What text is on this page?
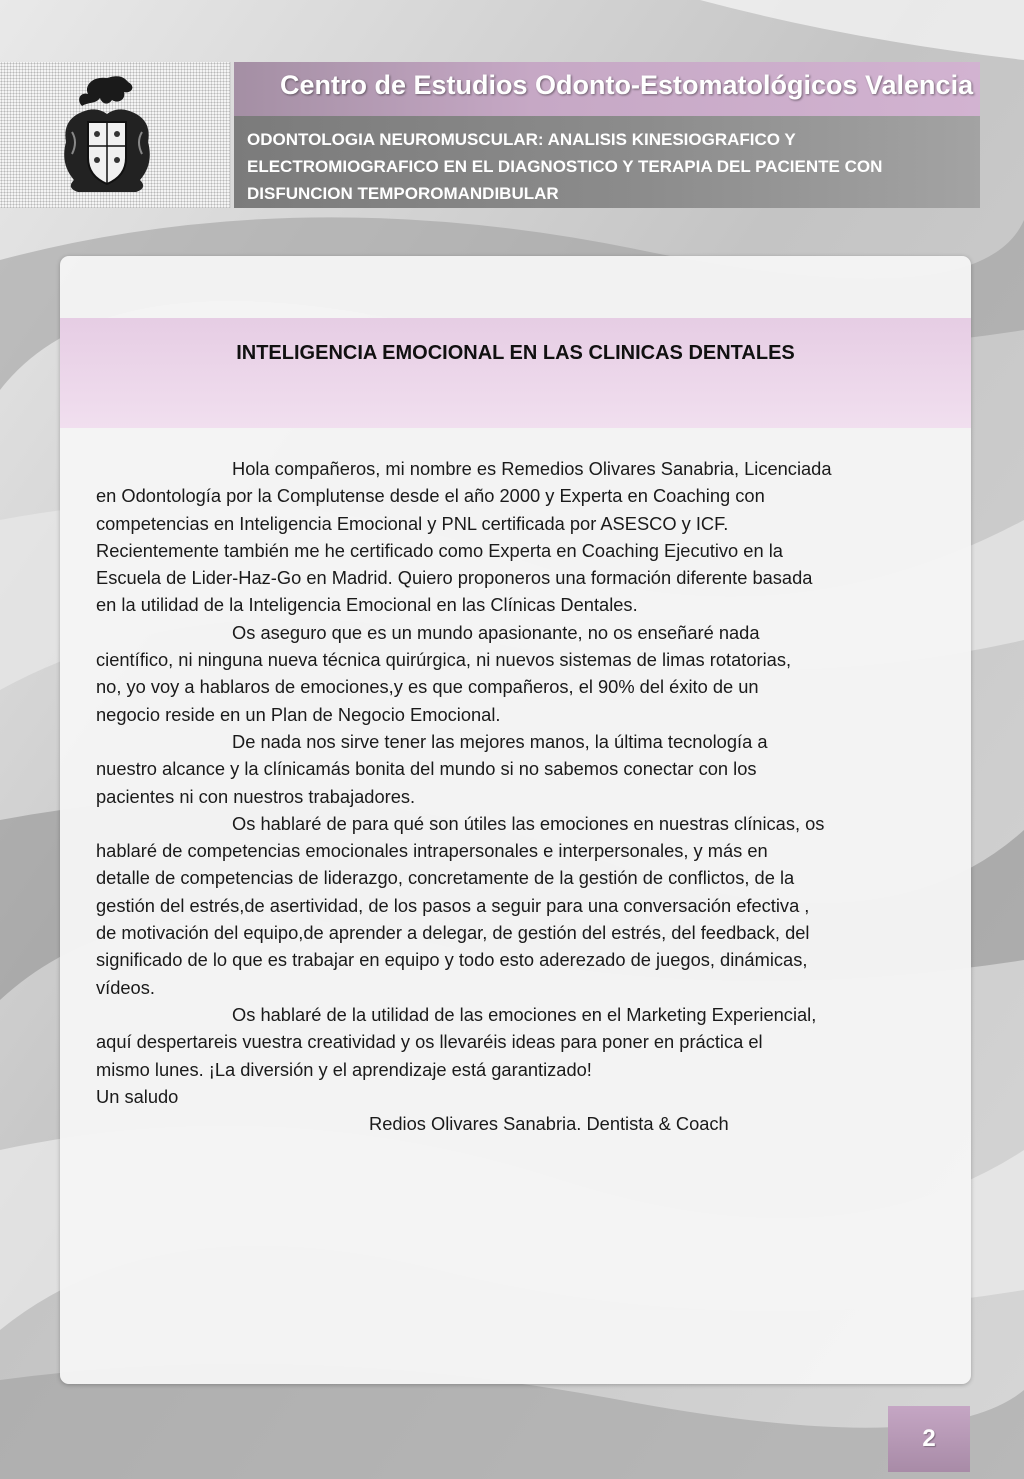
Centro de Estudios Odonto-Estomatológicos Valencia

ODONTOLOGIA NEUROMUSCULAR: ANALISIS KINESIOGRAFICO Y ELECTROMIOGRAFICO EN EL DIAGNOSTICO Y TERAPIA DEL PACIENTE CON DISFUNCION TEMPOROMANDIBULAR

INTELIGENCIA EMOCIONAL EN LAS CLINICAS DENTALES
Hola compañeros, mi nombre es Remedios Olivares Sanabria, Licenciada
en Odontología por la Complutense desde el año 2000 y Experta en Coaching con
competencias en Inteligencia Emocional y PNL certificada por ASESCO y ICF.
Recientemente también me he certificado como Experta en Coaching Ejecutivo en la
Escuela de Lider-Haz-Go en Madrid. Quiero proponeros una formación diferente basada
en la utilidad de la Inteligencia Emocional en las Clínicas Dentales.
Os aseguro que es un mundo apasionante, no os enseñaré nada
científico, ni ninguna nueva técnica quirúrgica, ni nuevos sistemas de limas rotatorias,
no, yo voy a hablaros de emociones,y es que compañeros, el 90% del éxito de un
negocio reside en un Plan de Negocio Emocional.
De nada nos sirve tener las mejores manos, la última tecnología a
nuestro alcance y la clínicamás bonita del mundo si no sabemos conectar con los
pacientes ni con nuestros trabajadores.
Os hablaré de para qué son útiles las emociones en nuestras clínicas, os
hablaré de competencias emocionales intrapersonales e interpersonales, y más en
detalle de competencias de liderazgo, concretamente de la gestión de conflictos, de la
gestión del estrés,de asertividad, de los pasos a seguir para una conversación efectiva ,
de motivación del equipo,de aprender a delegar, de gestión del estrés, del feedback, del
significado de lo que es trabajar en equipo y todo esto aderezado de juegos, dinámicas,
vídeos.
Os hablaré de la utilidad de las emociones en el Marketing Experiencial,
aquí despertareis vuestra creatividad y os llevaréis ideas para poner en práctica el
mismo lunes. ¡La diversión y el aprendizaje está garantizado!
Un saludo
Redios Olivares Sanabria. Dentista & Coach
2
